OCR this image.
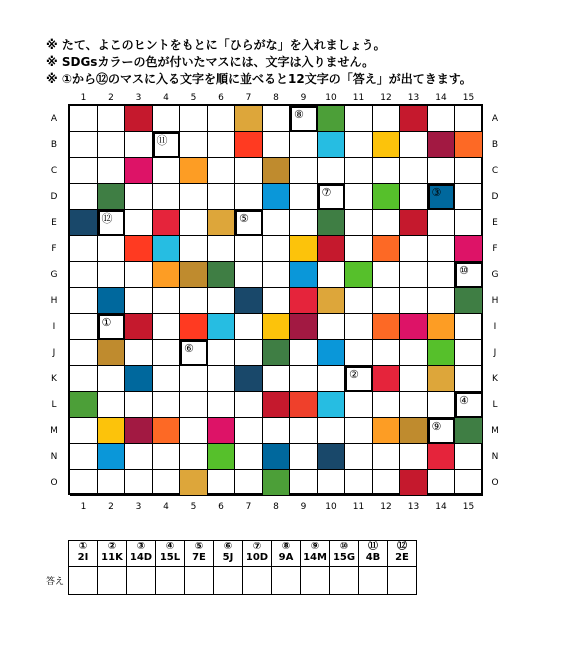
※ たて、よこのヒントをもとに「ひらがな」を入れましょう。
※ SDGsカラーの色が付いたマスには、文字は入りません。
※ ①から⑫のマスに入る文字を順に並べると12文字の「答え」が出てきます。
1	2	3	4	5	6	7	8	9	10	11	12	13	14	15
1	2	3	4	5	6	7	8	9	10	11	12	13	14	15
A
B
C
D
E
F
G
H
I
J
K
L
M
N
O
A
B
C
D
E
F
G
H
I
J
K
L
M
N
O
⑧
⑪
⑦	③
⑫	⑤
⑩
①
⑥
②
④
⑨
①	②	③	④	⑤	⑥	⑦	⑧	⑨	⑩	⑪	⑫
2I	11K	14D	15L	7E	5J	10D	9A	14M	15G	4B	2E

答え
